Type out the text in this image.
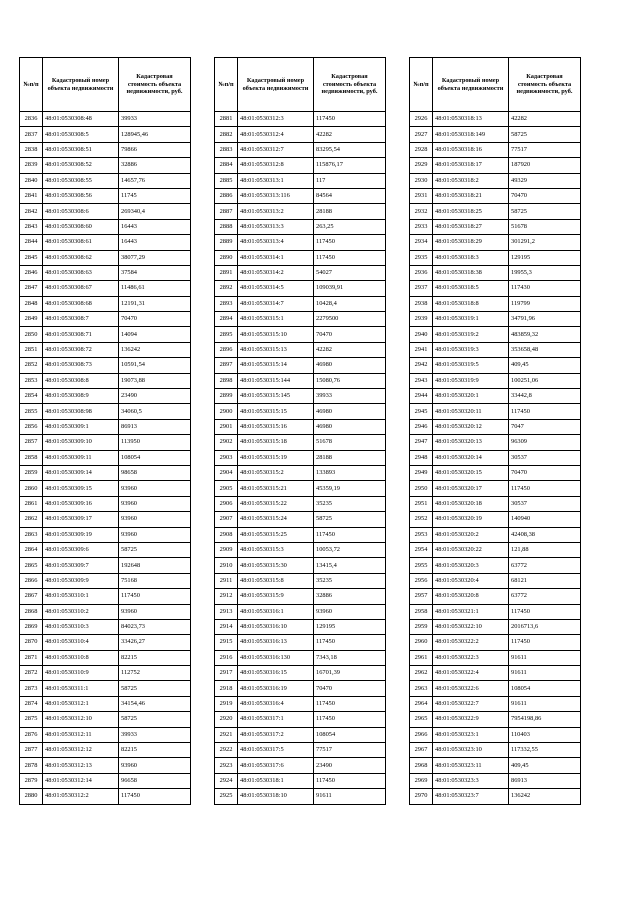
№п/п	Кадастровый номер объекта недвижимости	Кадастровая стоимость объекта недвижимости, руб.
2836	48:01:0530308:48	39933
2837	48:01:0530308:5	128945,46
2838	48:01:0530308:51	79866
2839	48:01:0530308:52	32886
2840	48:01:0530308:55	14657,76
2841	48:01:0530308:56	11745
2842	48:01:0530308:6	269340,4
2843	48:01:0530308:60	16443
2844	48:01:0530308:61	16443
2845	48:01:0530308:62	38077,29
2846	48:01:0530308:63	37584
2847	48:01:0530308:67	11486,61
2848	48:01:0530308:68	12191,31
2849	48:01:0530308:7	70470
2850	48:01:0530308:71	14094
2851	48:01:0530308:72	136242
2852	48:01:0530308:73	10591,54
2853	48:01:0530308:8	19073,88
2854	48:01:0530308:9	23490
2855	48:01:0530308:98	34060,5
2856	48:01:0530309:1	86913
2857	48:01:0530309:10	113950
2858	48:01:0530309:11	108054
2859	48:01:0530309:14	98658
2860	48:01:0530309:15	93960
2861	48:01:0530309:16	93960
2862	48:01:0530309:17	93960
2863	48:01:0530309:19	93960
2864	48:01:0530309:6	58725
2865	48:01:0530309:7	192648
2866	48:01:0530309:9	75168
2867	48:01:0530310:1	117450
2868	48:01:0530310:2	93960
2869	48:01:0530310:3	84023,73
2870	48:01:0530310:4	33426,27
2871	48:01:0530310:8	82215
2872	48:01:0530310:9	112752
2873	48:01:0530311:1	58725
2874	48:01:0530312:1	34154,46
2875	48:01:0530312:10	58725
2876	48:01:0530312:11	39933
2877	48:01:0530312:12	82215
2878	48:01:0530312:13	93960
2879	48:01:0530312:14	96658
2880	48:01:0530312:2	117450
№п/п	Кадастровый номер объекта недвижимости	Кадастровая стоимость объекта недвижимости, руб.
2881	48:01:0530312:3	117450
2882	48:01:0530312:4	42282
2883	48:01:0530312:7	83295,54
2884	48:01:0530312:8	115876,17
2885	48:01:0530313:1	117
2886	48:01:0530313:116	84564
2887	48:01:0530313:2	28188
2888	48:01:0530313:3	263,25
2889	48:01:0530313:4	117450
2890	48:01:0530314:1	117450
2891	48:01:0530314:2	54027
2892	48:01:0530314:5	109039,91
2893	48:01:0530314:7	10428,4
2894	48:01:0530315:1	2279500
2895	48:01:0530315:10	70470
2896	48:01:0530315:13	42282
2897	48:01:0530315:14	46980
2898	48:01:0530315:144	15080,76
2899	48:01:0530315:145	39933
2900	48:01:0530315:15	46980
2901	48:01:0530315:16	46980
2902	48:01:0530315:18	51678
2903	48:01:0530315:19	28188
2904	48:01:0530315:2	133893
2905	48:01:0530315:21	45359,19
2906	48:01:0530315:22	35235
2907	48:01:0530315:24	58725
2908	48:01:0530315:25	117450
2909	48:01:0530315:3	10053,72
2910	48:01:0530315:30	13415,4
2911	48:01:0530315:8	35235
2912	48:01:0530315:9	32886
2913	48:01:0530316:1	93960
2914	48:01:0530316:10	129195
2915	48:01:0530316:13	117450
2916	48:01:0530316:130	7343,18
2917	48:01:0530316:15	16701,39
2918	48:01:0530316:19	70470
2919	48:01:0530316:4	117450
2920	48:01:0530317:1	117450
2921	48:01:0530317:2	108054
2922	48:01:0530317:5	77517
2923	48:01:0530317:6	23490
2924	48:01:0530318:1	117450
2925	48:01:0530318:10	91611
№п/п	Кадастровый номер объекта недвижимости	Кадастровая стоимость объекта недвижимости, руб.
2926	48:01:0530318:13	42282
2927	48:01:0530318:149	58725
2928	48:01:0530318:16	77517
2929	48:01:0530318:17	187920
2930	48:01:0530318:2	49329
2931	48:01:0530318:21	70470
2932	48:01:0530318:25	58725
2933	48:01:0530318:27	51678
2934	48:01:0530318:29	301291,2
2935	48:01:0530318:3	129195
2936	48:01:0530318:38	19955,3
2937	48:01:0530318:5	117430
2938	48:01:0530318:8	119799
2939	48:01:0530319:1	34791,96
2940	48:01:0530319:2	483859,32
2941	48:01:0530319:3	353658,48
2942	48:01:0530319:5	409,45
2943	48:01:0530319:9	100251,06
2944	48:01:0530320:1	33442,8
2945	48:01:0530320:11	117450
2946	48:01:0530320:12	7047
2947	48:01:0530320:13	96309
2948	48:01:0530320:14	30537
2949	48:01:0530320:15	70470
2950	48:01:0530320:17	117450
2951	48:01:0530320:18	30537
2952	48:01:0530320:19	140940
2953	48:01:0530320:2	42408,38
2954	48:01:0530320:22	121,88
2955	48:01:0530320:3	63772
2956	48:01:0530320:4	68121
2957	48:01:0530320:8	63772
2958	48:01:0530321:1	117450
2959	48:01:0530322:10	2016713,6
2960	48:01:0530322:2	117450
2961	48:01:0530322:3	91611
2962	48:01:0530322:4	91611
2963	48:01:0530322:6	108054
2964	48:01:0530322:7	91611
2965	48:01:0530322:9	7954198,86
2966	48:01:0530323:1	110403
2967	48:01:0530323:10	117332,55
2968	48:01:0530323:11	409,45
2969	48:01:0530323:3	86913
2970	48:01:0530323:7	136242
